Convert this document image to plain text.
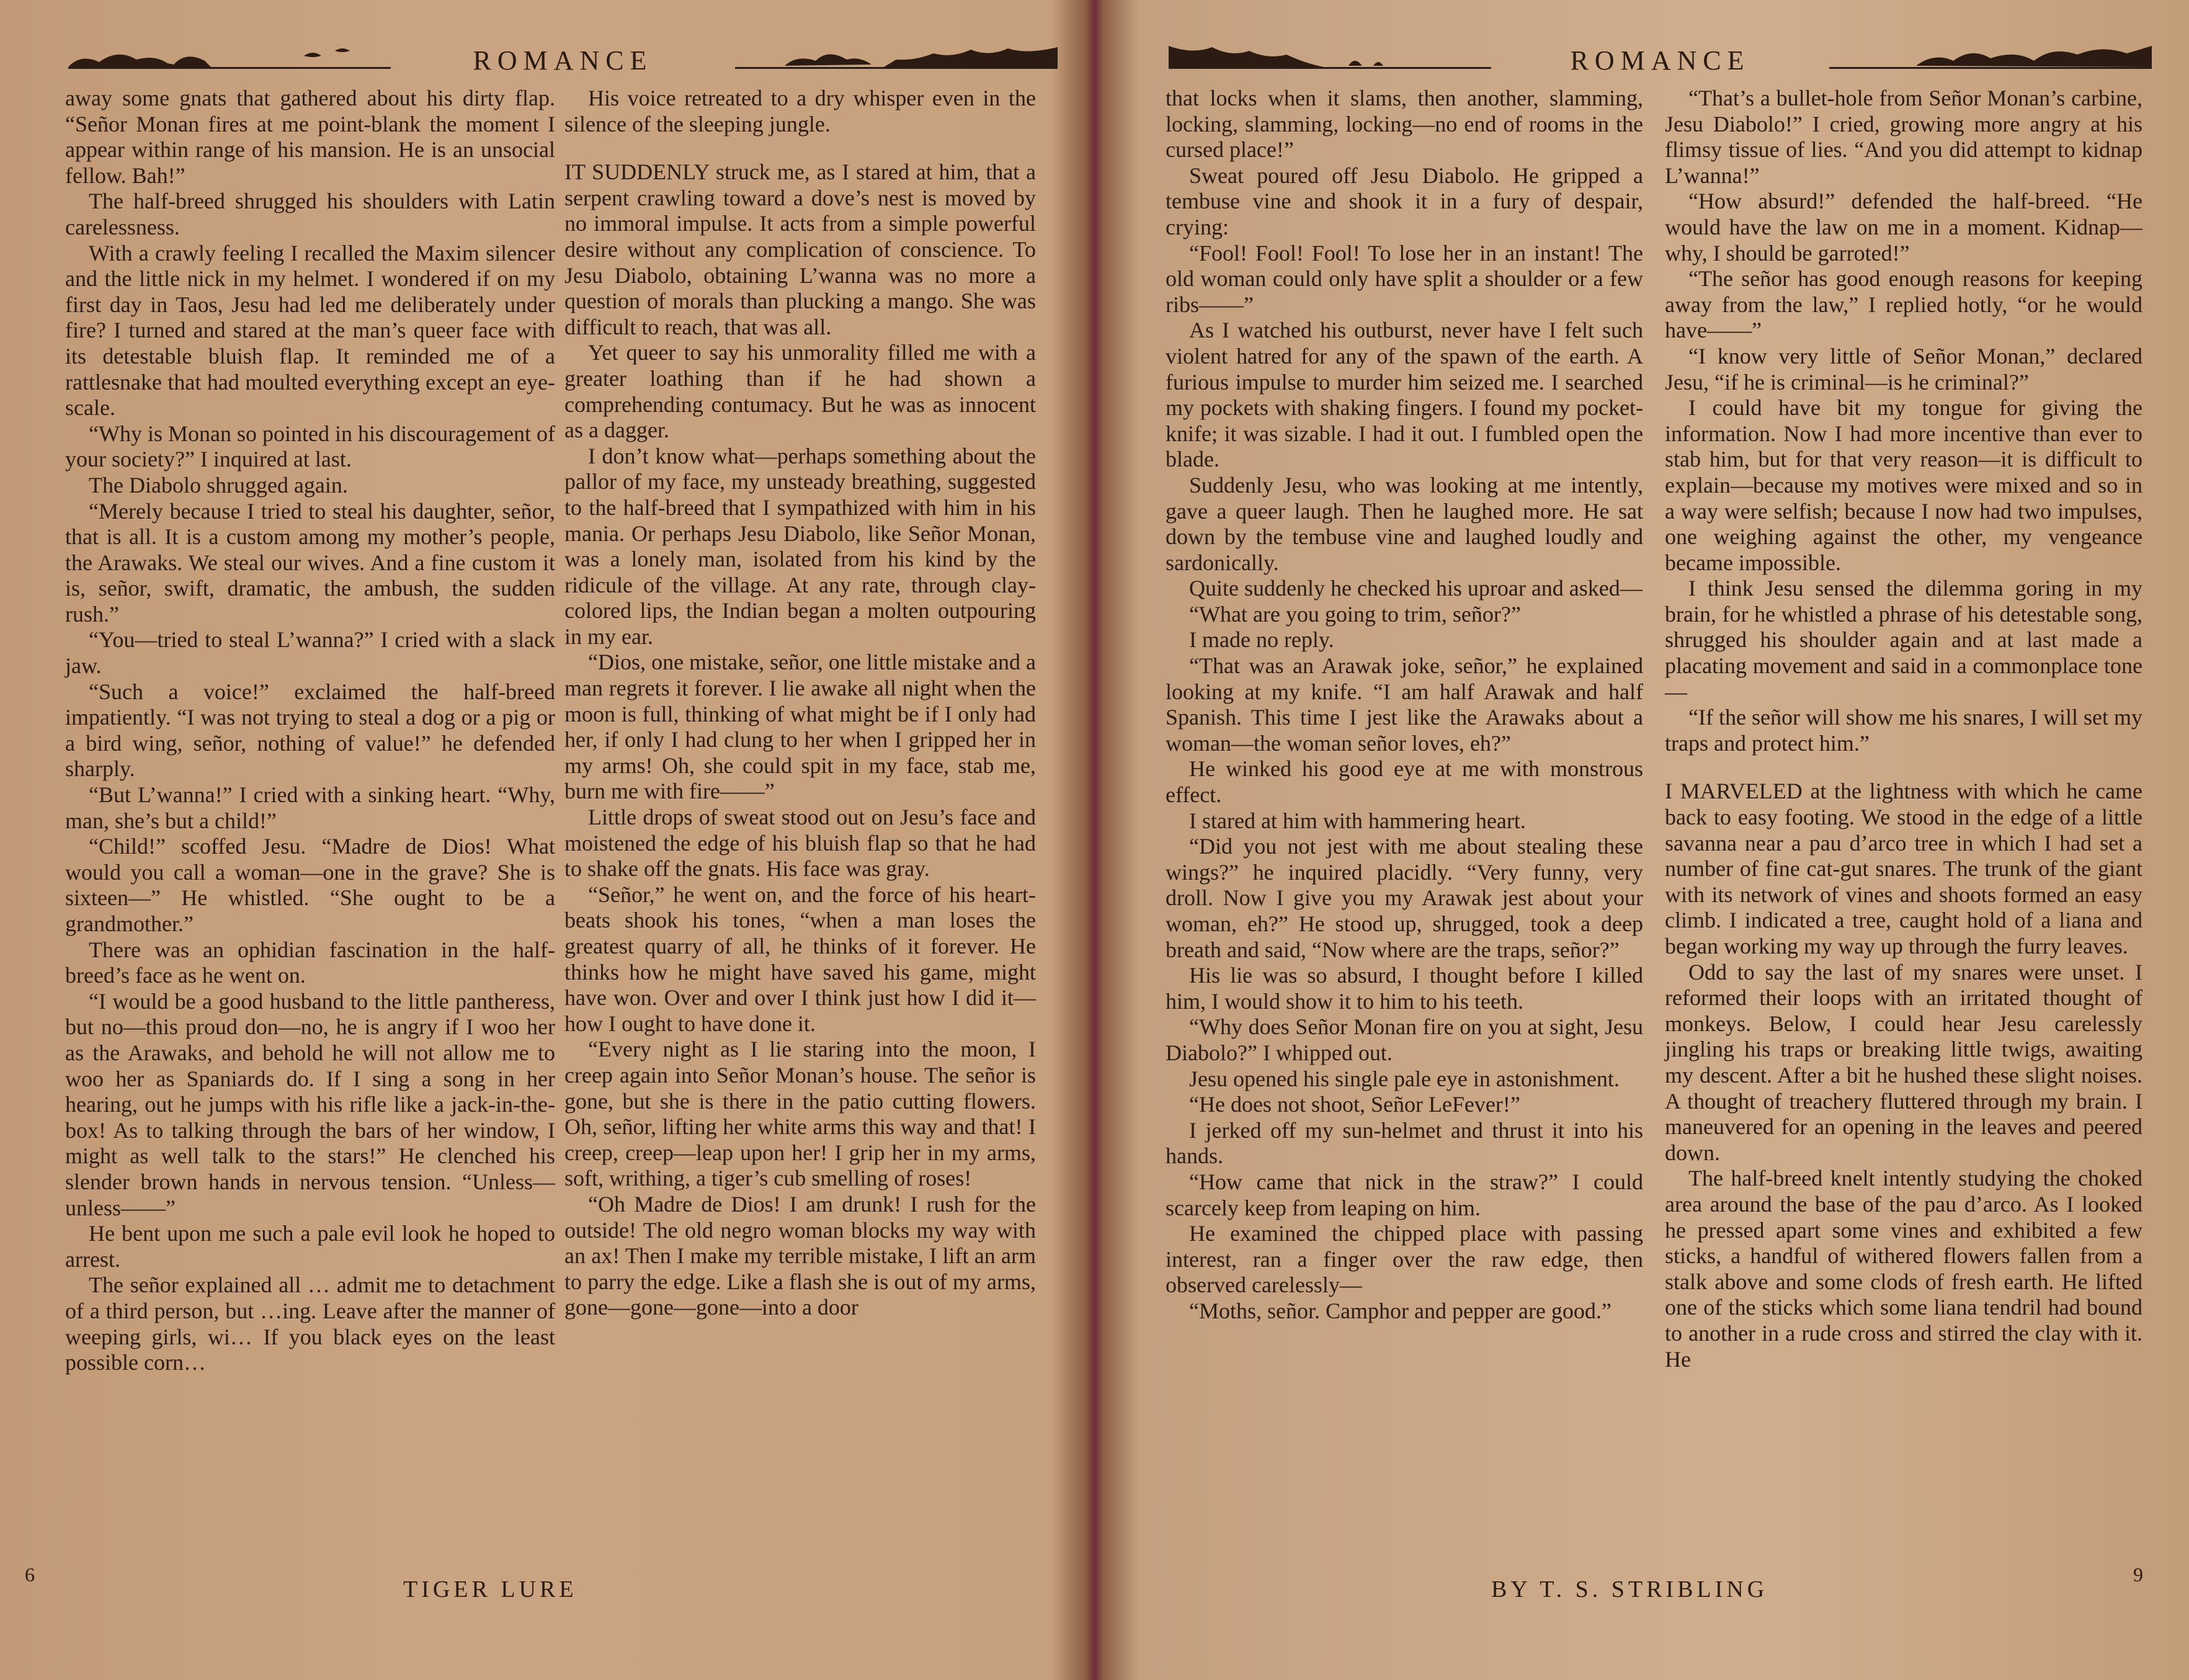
ROMANCE

away some gnats that gathered about his dirty flap. “Señor Monan fires at me point-blank the moment I appear within range of his mansion. He is an unsocial fellow. Bah!”

The half-breed shrugged his shoulders with Latin carelessness.

With a crawly feeling I recalled the Maxim silencer and the little nick in my helmet. I wondered if on my first day in Taos, Jesu had led me deliberately under fire? I turned and stared at the man’s queer face with its detestable bluish flap. It reminded me of a rattlesnake that had moulted everything except an eye-scale.

“Why is Monan so pointed in his discouragement of your society?” I inquired at last.

The Diabolo shrugged again.

“Merely because I tried to steal his daughter, señor, that is all. It is a custom among my mother’s people, the Arawaks. We steal our wives. And a fine custom it is, señor, swift, dramatic, the ambush, the sudden rush.”

“You—tried to steal L’wanna?” I cried with a slack jaw.

“Such a voice!” exclaimed the half-breed impatiently. “I was not trying to steal a dog or a pig or a bird wing, señor, nothing of value!” he defended sharply.

“But L’wanna!” I cried with a sinking heart. “Why, man, she’s but a child!”

“Child!” scoffed Jesu. “Madre de Dios! What would you call a woman—one in the grave? She is sixteen—” He whistled. “She ought to be a grandmother.”

There was an ophidian fascination in the half-breed’s face as he went on.

“I would be a good husband to the little pantheress, but no—this proud don—no, he is angry if I woo her as the Arawaks, and behold he will not allow me to woo her as Spaniards do. If I sing a song in her hearing, out he jumps with his rifle like a jack-in-the-box! As to talking through the bars of her window, I might as well talk to the stars!” He clenched his slender brown hands in nervous tension. “Unless—unless——”

He bent upon me such a pale evil look he hoped to arrest.

The señor explained all … admit me to detachment of a third person, but …ing. Leave after the manner of weeping girls, wi… If you black eyes on the least possible corn…

His voice retreated to a dry whisper even in the silence of the sleeping jungle.

IT SUDDENLY struck me, as I stared at him, that a serpent crawling toward a dove’s nest is moved by no immoral impulse. It acts from a simple powerful desire without any complication of conscience. To Jesu Diabolo, obtaining L’wanna was no more a question of morals than plucking a mango. She was difficult to reach, that was all.

Yet queer to say his unmorality filled me with a greater loathing than if he had shown a comprehending contumacy. But he was as innocent as a dagger.

I don’t know what—perhaps something about the pallor of my face, my unsteady breathing, suggested to the half-breed that I sympathized with him in his mania. Or perhaps Jesu Diabolo, like Señor Monan, was a lonely man, isolated from his kind by the ridicule of the village. At any rate, through clay-colored lips, the Indian began a molten outpouring in my ear.

“Dios, one mistake, señor, one little mistake and a man regrets it forever. I lie awake all night when the moon is full, thinking of what might be if I only had her, if only I had clung to her when I gripped her in my arms! Oh, she could spit in my face, stab me, burn me with fire——”

Little drops of sweat stood out on Jesu’s face and moistened the edge of his bluish flap so that he had to shake off the gnats. His face was gray.

“Señor,” he went on, and the force of his heart-beats shook his tones, “when a man loses the greatest quarry of all, he thinks of it forever. He thinks how he might have saved his game, might have won. Over and over I think just how I did it—how I ought to have done it.

“Every night as I lie staring into the moon, I creep again into Señor Monan’s house. The señor is gone, but she is there in the patio cutting flowers. Oh, señor, lifting her white arms this way and that! I creep, creep—leap upon her! I grip her in my arms, soft, writhing, a tiger’s cub smelling of roses!

“Oh Madre de Dios! I am drunk! I rush for the outside! The old negro woman blocks my way with an ax! Then I make my terrible mistake, I lift an arm to parry the edge. Like a flash she is out of my arms, gone—gone—gone—into a door

6
TIGER LURE
ROMANCE

that locks when it slams, then another, slamming, locking, slamming, locking—no end of rooms in the cursed place!”

Sweat poured off Jesu Diabolo. He gripped a tembuse vine and shook it in a fury of despair, crying:

“Fool! Fool! Fool! To lose her in an instant! The old woman could only have split a shoulder or a few ribs——”

As I watched his outburst, never have I felt such violent hatred for any of the spawn of the earth. A furious impulse to murder him seized me. I searched my pockets with shaking fingers. I found my pocket-knife; it was sizable. I had it out. I fumbled open the blade.

Suddenly Jesu, who was looking at me intently, gave a queer laugh. Then he laughed more. He sat down by the tembuse vine and laughed loudly and sardonically.

Quite suddenly he checked his uproar and asked—

“What are you going to trim, señor?”

I made no reply.

“That was an Arawak joke, señor,” he explained looking at my knife. “I am half Arawak and half Spanish. This time I jest like the Arawaks about a woman—the woman señor loves, eh?”

He winked his good eye at me with monstrous effect.

I stared at him with hammering heart.

“Did you not jest with me about stealing these wings?” he inquired placidly. “Very funny, very droll. Now I give you my Arawak jest about your woman, eh?” He stood up, shrugged, took a deep breath and said, “Now where are the traps, señor?”

His lie was so absurd, I thought before I killed him, I would show it to him to his teeth.

“Why does Señor Monan fire on you at sight, Jesu Diabolo?” I whipped out.

Jesu opened his single pale eye in astonishment.

“He does not shoot, Señor LeFever!”

I jerked off my sun-helmet and thrust it into his hands.

“How came that nick in the straw?” I could scarcely keep from leaping on him.

He examined the chipped place with passing interest, ran a finger over the raw edge, then observed carelessly—

“Moths, señor. Camphor and pepper are good.”

“That’s a bullet-hole from Señor Monan’s carbine, Jesu Diabolo!” I cried, growing more angry at his flimsy tissue of lies. “And you did attempt to kidnap L’wanna!”

“How absurd!” defended the half-breed. “He would have the law on me in a moment. Kidnap—why, I should be garroted!”

“The señor has good enough reasons for keeping away from the law,” I replied hotly, “or he would have——”

“I know very little of Señor Monan,” declared Jesu, “if he is criminal—is he criminal?”

I could have bit my tongue for giving the information. Now I had more incentive than ever to stab him, but for that very reason—it is difficult to explain—because my motives were mixed and so in a way were selfish; because I now had two impulses, one weighing against the other, my vengeance became impossible.

I think Jesu sensed the dilemma goring in my brain, for he whistled a phrase of his detestable song, shrugged his shoulder again and at last made a placating movement and said in a commonplace tone—

“If the señor will show me his snares, I will set my traps and protect him.”

I MARVELED at the lightness with which he came back to easy footing. We stood in the edge of a little savanna near a pau d’arco tree in which I had set a number of fine cat-gut snares. The trunk of the giant with its network of vines and shoots formed an easy climb. I indicated a tree, caught hold of a liana and began working my way up through the furry leaves.

Odd to say the last of my snares were unset. I reformed their loops with an irritated thought of monkeys. Below, I could hear Jesu carelessly jingling his traps or breaking little twigs, awaiting my descent. After a bit he hushed these slight noises. A thought of treachery fluttered through my brain. I maneuvered for an opening in the leaves and peered down.

The half-breed knelt intently studying the choked area around the base of the pau d’arco. As I looked he pressed apart some vines and exhibited a few sticks, a handful of withered flowers fallen from a stalk above and some clods of fresh earth. He lifted one of the sticks which some liana tendril had bound to another in a rude cross and stirred the clay with it. He

BY T. S. STRIBLING
9
